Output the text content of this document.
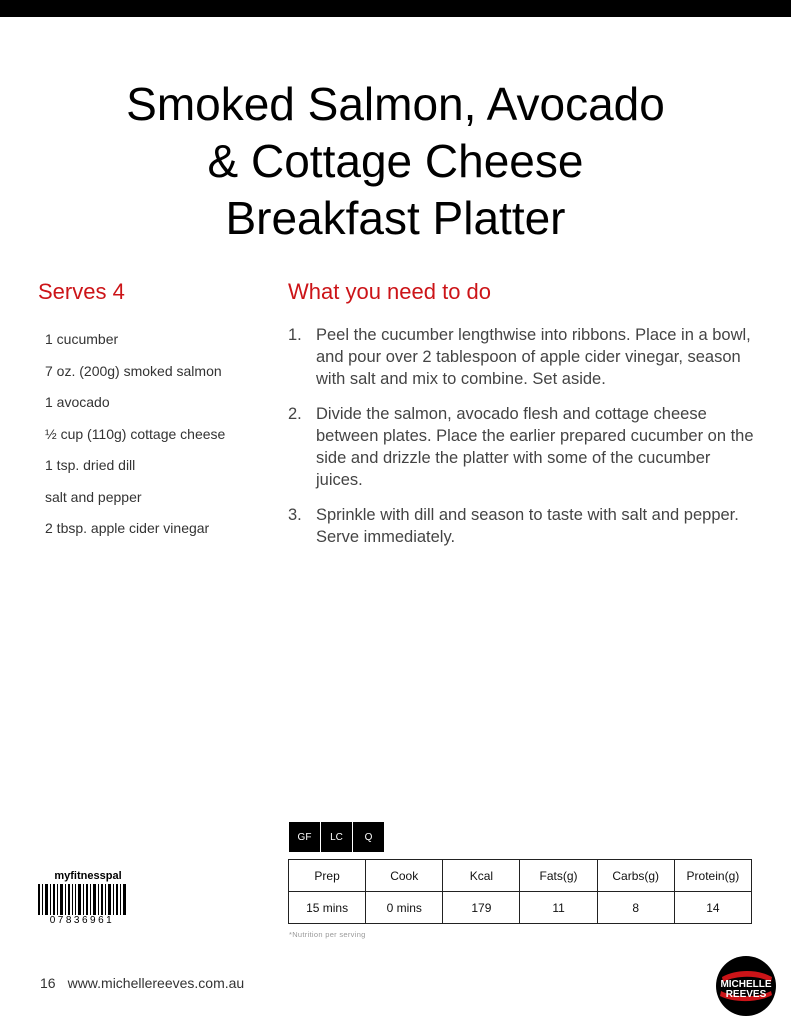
Smoked Salmon, Avocado
& Cottage Cheese
Breakfast Platter
Serves 4
1 cucumber
7 oz. (200g) smoked salmon
1 avocado
½ cup (110g) cottage cheese
1 tsp. dried dill
salt and pepper
2 tbsp. apple cider vinegar
What you need to do
1. Peel the cucumber lengthwise into ribbons. Place in a bowl, and pour over 2 tablespoon of apple cider vinegar, season with salt and mix to combine. Set aside.
2. Divide the salmon, avocado flesh and cottage cheese between plates. Place the earlier prepared cucumber on the side and drizzle the platter with some of the cucumber juices.
3. Sprinkle with dill and season to taste with salt and pepper. Serve immediately.
GF	LC	Q
Prep	Cook	Kcal	Fats(g)	Carbs(g)	Protein(g)
15 mins	0 mins	179	11	8	14
*Nutrition per serving
myfitnesspal
07836961
16 www.michellereeves.com.au	MICHELLE
REEVES
